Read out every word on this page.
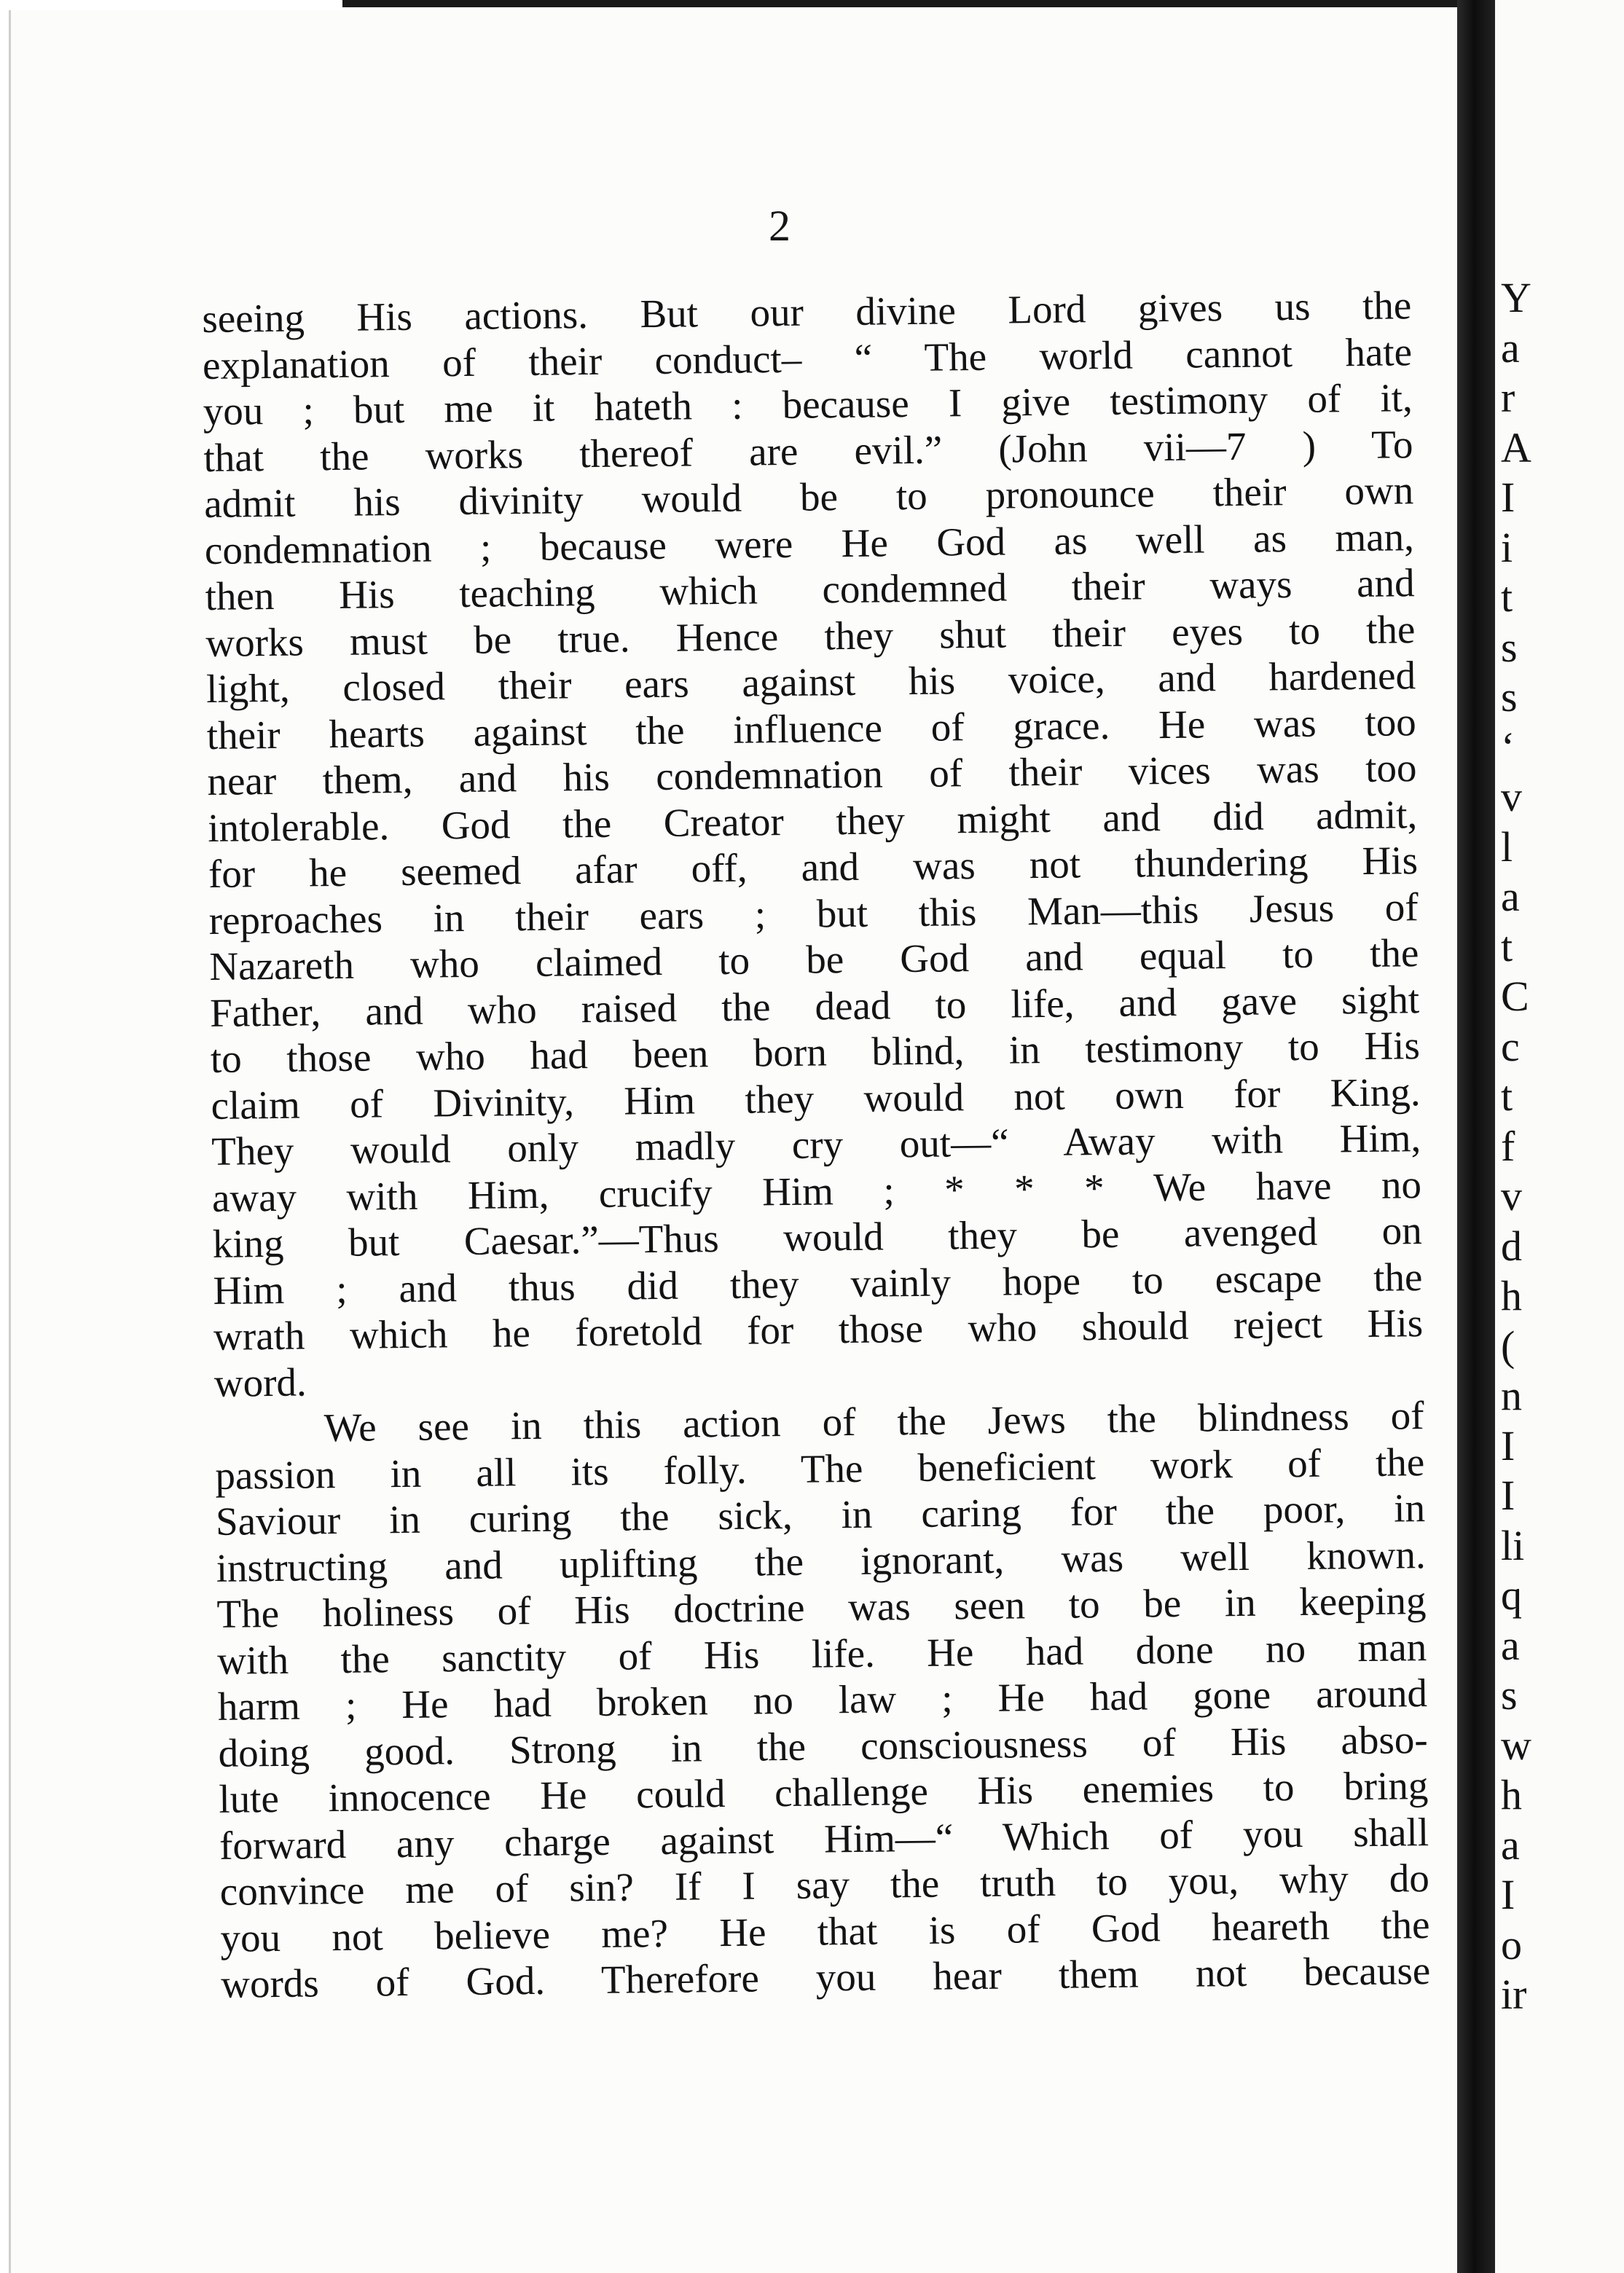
2
seeing His actions. But our divine Lord gives us the
explanation of their conduct– “ The world cannot hate
you ; but me it hateth : because I give testimony of it,
that the works thereof are evil.” (John vii—7 ) To
admit his divinity would be to pronounce their own
condemnation ; because were He God as well as man,
then His teaching which condemned their ways and
works must be true. Hence they shut their eyes to the
light, closed their ears against his voice, and hardened
their hearts against the influence of grace. He was too
near them, and his condemnation of their vices was too
intolerable. God the Creator they might and did admit,
for he seemed afar off, and was not thundering His
reproaches in their ears ; but this Man—this Jesus of
Nazareth who claimed to be God and equal to the
Father, and who raised the dead to life, and gave sight
to those who had been born blind, in testimony to His
claim of Divinity, Him they would not own for King.
They would only madly cry out—“ Away with Him,
away with Him, crucify Him ; * * * We have no
king but Caesar.”—Thus would they be avenged on
Him ; and thus did they vainly hope to escape the
wrath which he foretold for those who should reject His
word.
We see in this action of the Jews the blindness of
passion in all its folly. The beneficient work of the
Saviour in curing the sick, in caring for the poor, in
instructing and uplifting the ignorant, was well known.
The holiness of His doctrine was seen to be in keeping
with the sanctity of His life. He had done no man
harm ; He had broken no law ; He had gone around
doing good. Strong in the consciousness of His abso-
lute innocence He could challenge His enemies to bring
forward any charge against Him—“ Which of you shall
convince me of sin? If I say the truth to you, why do
you not believe me? He that is of God heareth the
words of God. Therefore you hear them not because
Y
a
r
A
I
i
t
s
s
‘
v
l
a
t
C
c
t
f
v
d
h
(
n
I
I
li
q
a
s
w
h
a
I
o
ir
